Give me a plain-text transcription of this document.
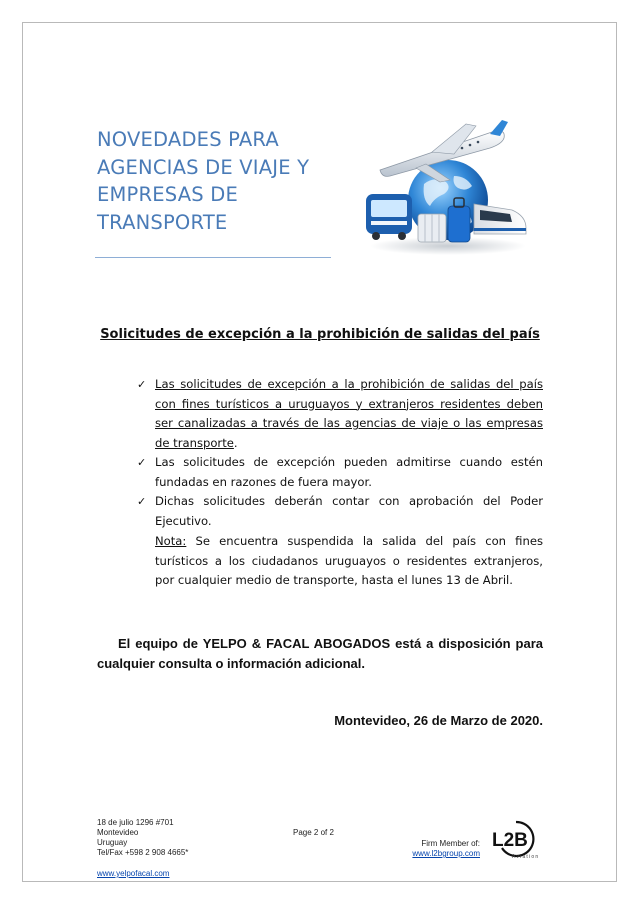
NOVEDADES PARA
AGENCIAS DE VIAJE Y
EMPRESAS DE
TRANSPORTE
Solicitudes de excepción a la prohibición de salidas del país
✓ Las solicitudes de excepción a la prohibición de salidas del país con fines turísticos a uruguayos y extranjeros residentes deben ser canalizadas a través de las agencias de viaje o las empresas de transporte.
✓ Las solicitudes de excepción pueden admitirse cuando estén fundadas en razones de fuera mayor.
✓ Dichas solicitudes deberán contar con aprobación del Poder Ejecutivo.

Nota: Se encuentra suspendida la salida del país con fines turísticos a los ciudadanos uruguayos o residentes extranjeros, por cualquier medio de transporte, hasta el lunes 13 de Abril.

El equipo de YELPO & FACAL ABOGADOS está a disposición para cualquier consulta o información adicional.

Montevideo, 26 de Marzo de 2020.
18 de julio 1296 #701
Montevideo
Uruguay
Tel/Fax +598 2 908 4665*
Page 2 of 2
Firm Member of:
www.l2bgroup.com
L2B
Aviation
www.yelpofacal.com
